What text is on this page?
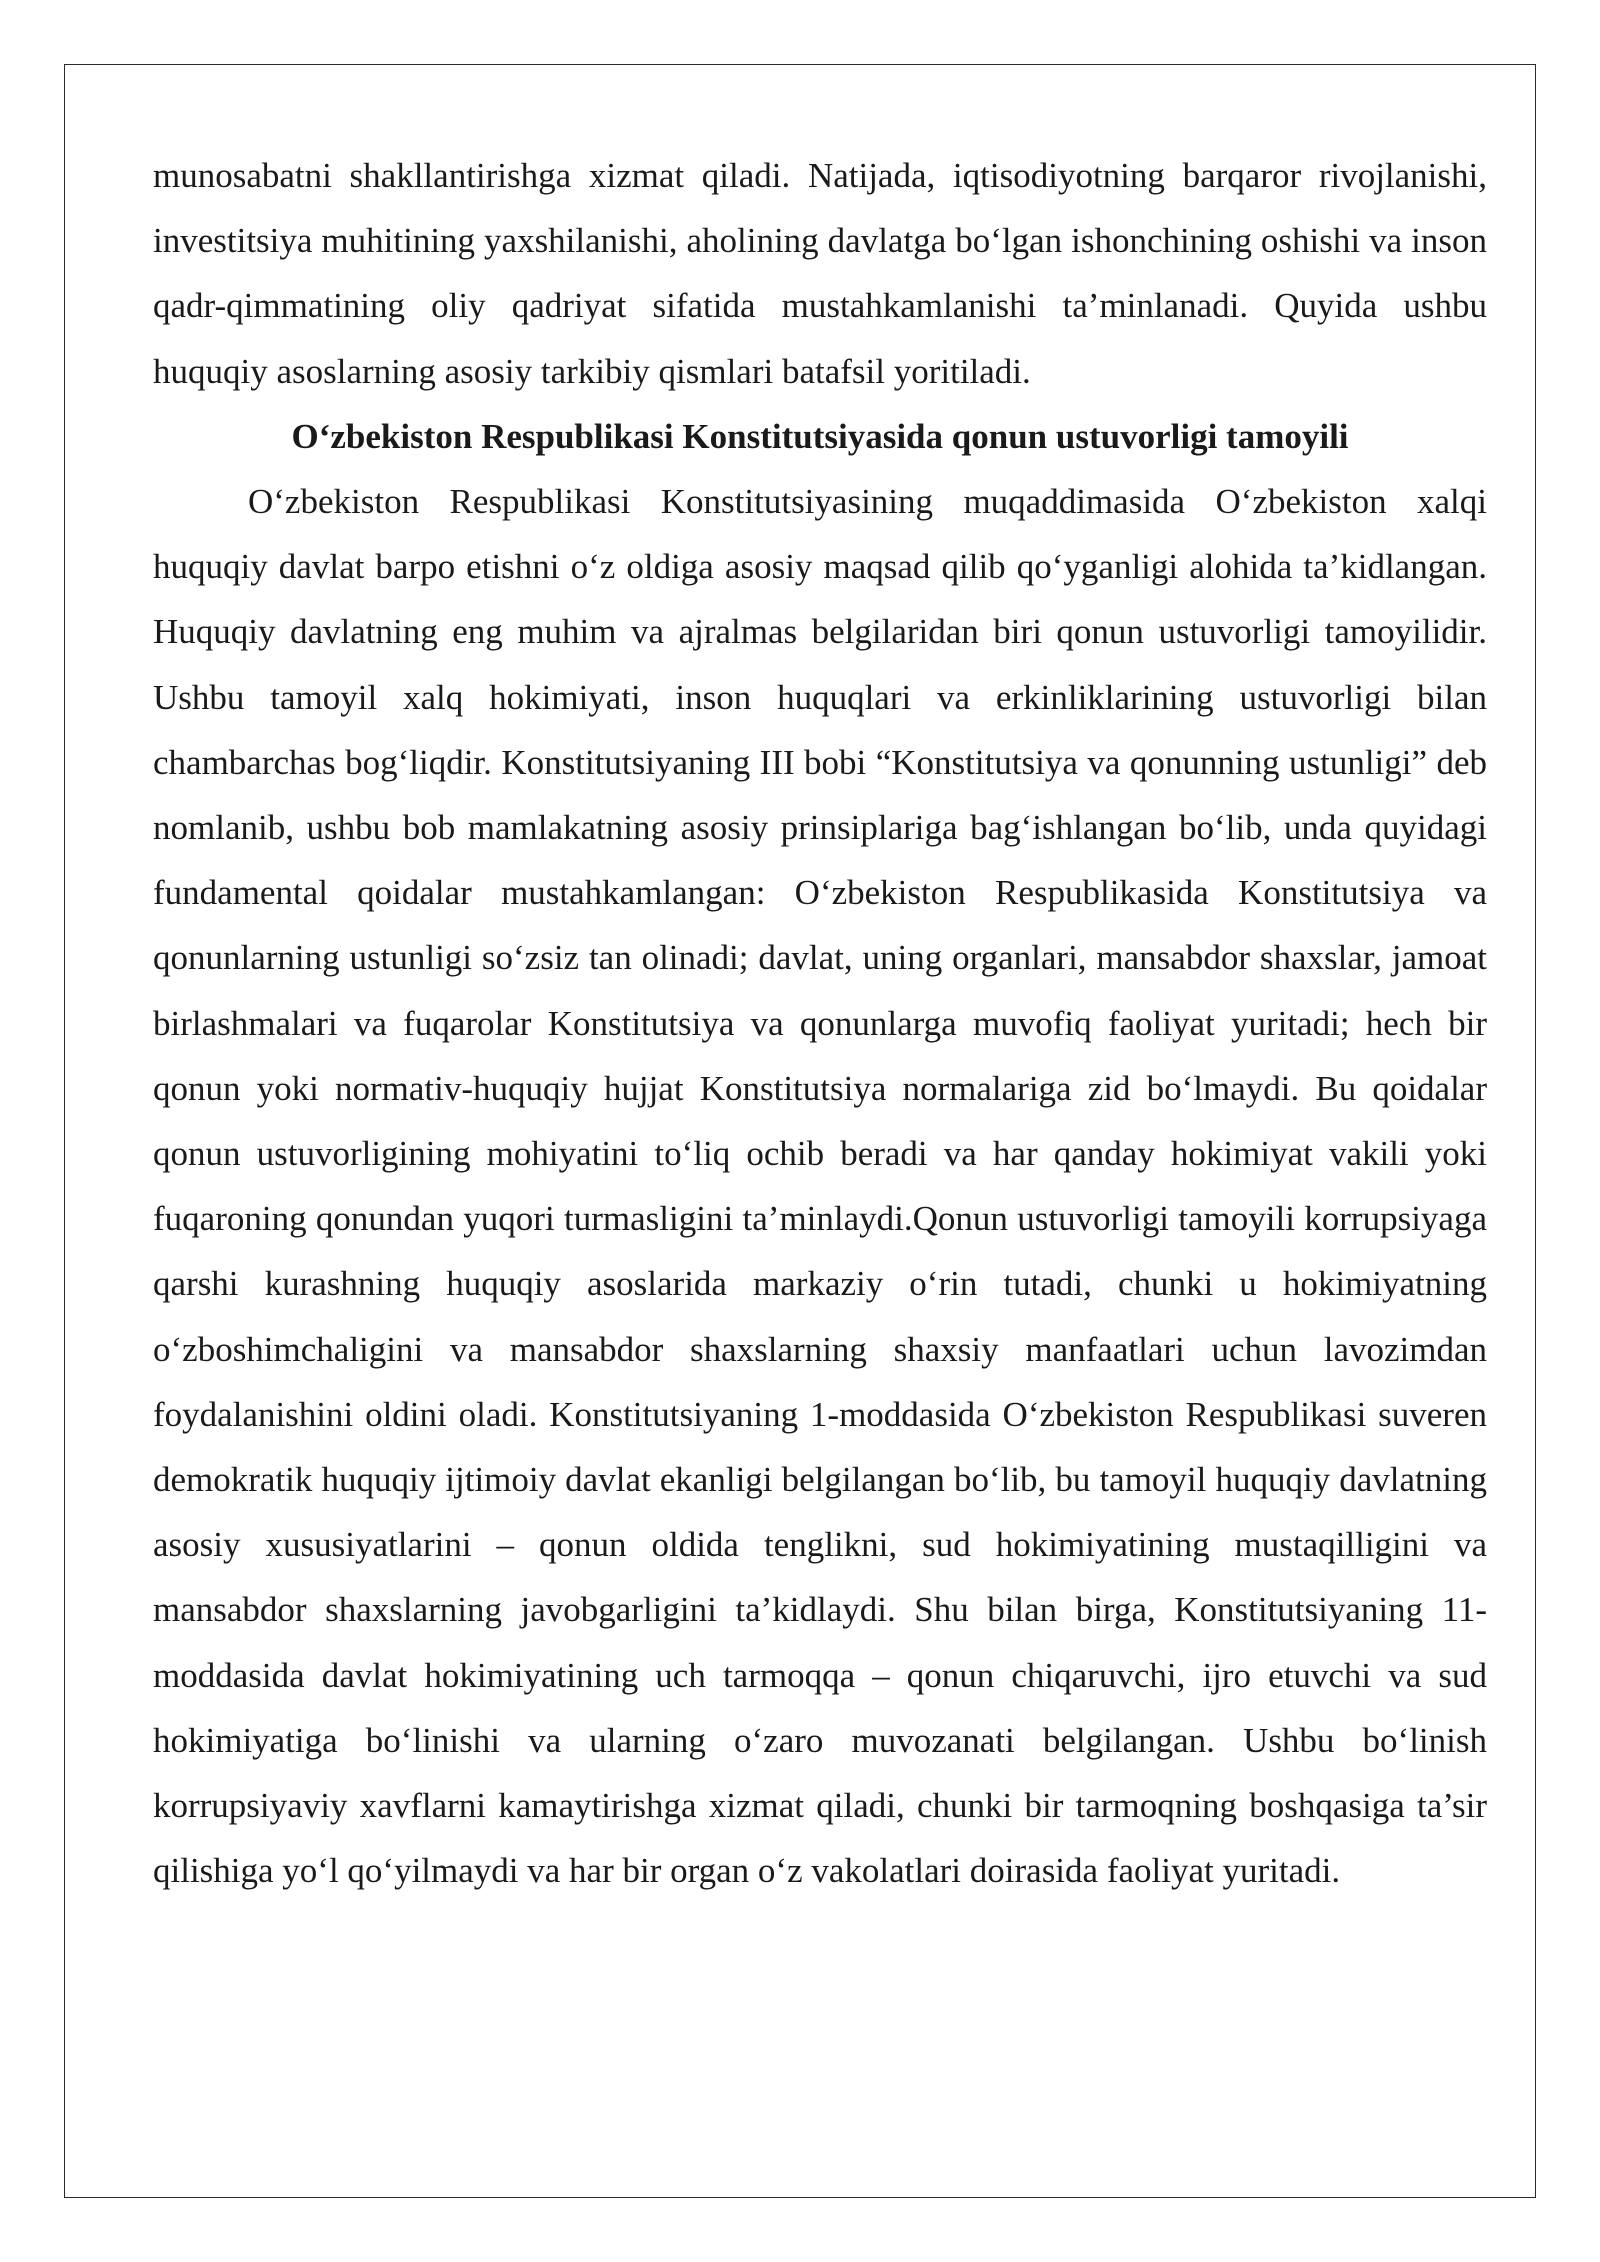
munosabatni shakllantirishga xizmat qiladi. Natijada, iqtisodiyotning barqaror rivojlanishi, investitsiya muhitining yaxshilanishi, aholining davlatga bo‘lgan ishonchining oshishi va inson qadr-qimmatining oliy qadriyat sifatida mustahkamlanishi ta’minlanadi. Quyida ushbu huquqiy asoslarning asosiy tarkibiy qismlari batafsil yoritiladi.

O‘zbekiston Respublikasi Konstitutsiyasida qonun ustuvorligi tamoyili

O‘zbekiston Respublikasi Konstitutsiyasining muqaddimasida O‘zbekiston xalqi huquqiy davlat barpo etishni o‘z oldiga asosiy maqsad qilib qo‘yganligi alohida ta’kidlangan. Huquqiy davlatning eng muhim va ajralmas belgilaridan biri qonun ustuvorligi tamoyilidir. Ushbu tamoyil xalq hokimiyati, inson huquqlari va erkinliklarining ustuvorligi bilan chambarchas bog‘liqdir. Konstitutsiyaning III bobi “Konstitutsiya va qonunning ustunligi” deb nomlanib, ushbu bob mamlakatning asosiy prinsiplariga bag‘ishlangan bo‘lib, unda quyidagi fundamental qoidalar mustahkamlangan: O‘zbekiston Respublikasida Konstitutsiya va qonunlarning ustunligi so‘zsiz tan olinadi; davlat, uning organlari, mansabdor shaxslar, jamoat birlashmalari va fuqarolar Konstitutsiya va qonunlarga muvofiq faoliyat yuritadi; hech bir qonun yoki normativ-huquqiy hujjat Konstitutsiya normalariga zid bo‘lmaydi. Bu qoidalar qonun ustuvorligining mohiyatini to‘liq ochib beradi va har qanday hokimiyat vakili yoki fuqaroning qonundan yuqori turmasligini ta’minlaydi.Qonun ustuvorligi tamoyili korrupsiyaga qarshi kurashning huquqiy asoslarida markaziy o‘rin tutadi, chunki u hokimiyatning o‘zboshimchaligini va mansabdor shaxslarning shaxsiy manfaatlari uchun lavozimdan foydalanishini oldini oladi. Konstitutsiyaning 1-moddasida O‘zbekiston Respublikasi suveren demokratik huquqiy ijtimoiy davlat ekanligi belgilangan bo‘lib, bu tamoyil huquqiy davlatning asosiy xususiyatlarini – qonun oldida tenglikni, sud hokimiyatining mustaqilligini va mansabdor shaxslarning javobgarligini ta’kidlaydi. Shu bilan birga, Konstitutsiyaning 11-moddasida davlat hokimiyatining uch tarmoqqa – qonun chiqaruvchi, ijro etuvchi va sud hokimiyatiga bo‘linishi va ularning o‘zaro muvozanati belgilangan. Ushbu bo‘linish korrupsiyaviy xavflarni kamaytirishga xizmat qiladi, chunki bir tarmoqning boshqasiga ta’sir qilishiga yo‘l qo‘yilmaydi va har bir organ o‘z vakolatlari doirasida faoliyat yuritadi.
